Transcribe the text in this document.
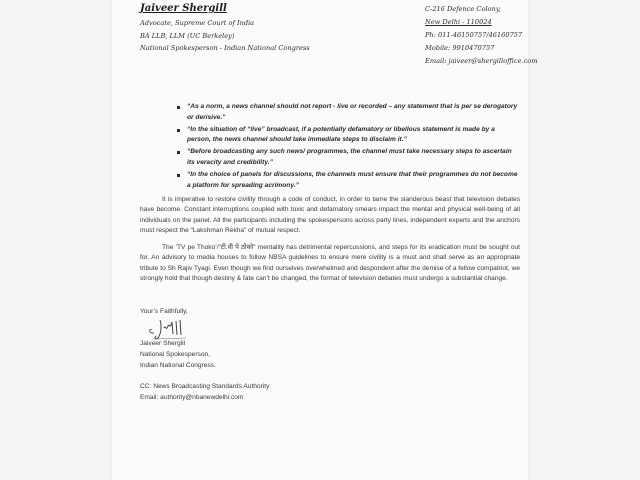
Jaiveer Shergill
Advocate, Supreme Court of India
BA LLB, LLM (UC Berkeley)
National Spokesperson - Indian National Congress
C-216 Defence Colony,
New Delhi - 110024
Ph: 011-46150757/46160757
Mobile: 9910470757
Email: jaiveer@shergilloffice.com
“As a norm, a news channel should not report - live or recorded – any statement that is per se derogatory or derisive.”
“In the situation of “live” broadcast, if a potentially defamatory or libellous statement is made by a person, the news channel should take immediate steps to disclaim it.”
“Before broadcasting any such news/ programmes, the channel must take necessary steps to ascertain its veracity and credibility.”
“In the choice of panels for discussions, the channels must ensure that their programmes do not become a platform for spreading acrimony.”

It is imperative to restore civility through a code of conduct, in order to tame the slanderous beast that television debates have become. Constant interruptions coupled with toxic and defamatory smears impact the mental and physical well-being of all individuals on the panel. All the participants including the spokespersons across party lines, independent experts and the anchors must respect the “Lakshman Rekha” of mutual respect.

The ‘TV pe Thoko’/“टी.वी पे ठोको” mentality has detrimental repercussions, and steps for its eradication must be sought out for. An advisory to media houses to follow NBSA guidelines to ensure mere civility is a must and shall serve as an appropriate tribute to Sh Rajiv Tyagi. Even though we find ourselves overwhelmed and despondent after the demise of a fellow compatriot, we strongly hold that though destiny & fate can’t be changed, the format of television debates must undergo a substantial change.

Your’s Faithfully,
Jaiveer Shergill
National Spokesperson,
Indian National Congress.
CC: News Broadcasting Standards Authority
Email: authority@nbanewdelhi.com
